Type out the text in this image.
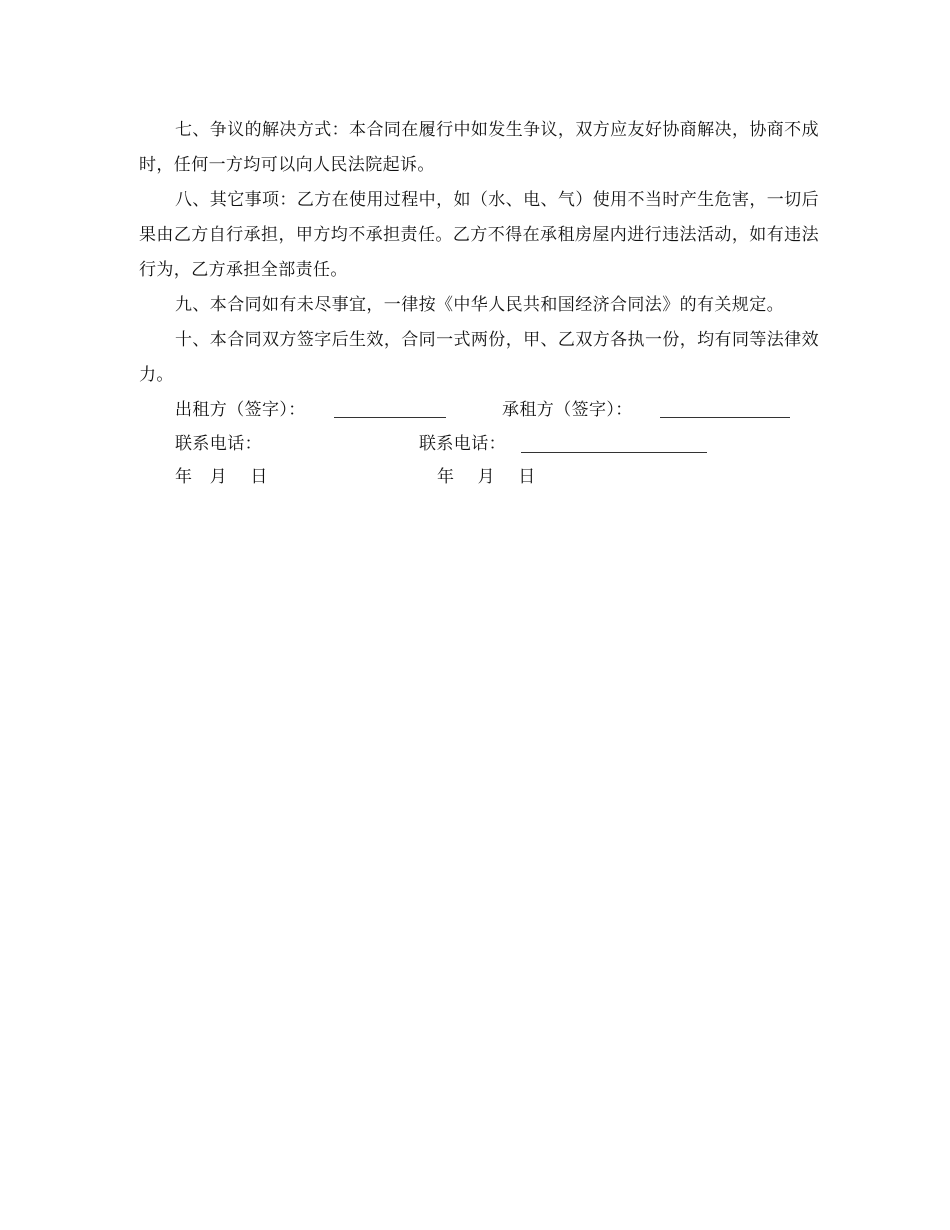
七、争议的解决方式：本合同在履行中如发生争议，双方应友好协商解决，协商不成时，任何一方均可以向人民法院起诉。

八、其它事项：乙方在使用过程中，如（水、电、气）使用不当时产生危害，一切后果由乙方自行承担，甲方均不承担责任。乙方不得在承租房屋内进行违法活动，如有违法行为，乙方承担全部责任。

九、本合同如有未尽事宜，一律按《中华人民共和国经济合同法》的有关规定。

十、本合同双方签字后生效，合同一式两份，甲、乙双方各执一份，均有同等法律效力。

出租方（签字）：	承租方（签字）：
联系电话：	联系电话：
年　月　 日	年　 月　 日
